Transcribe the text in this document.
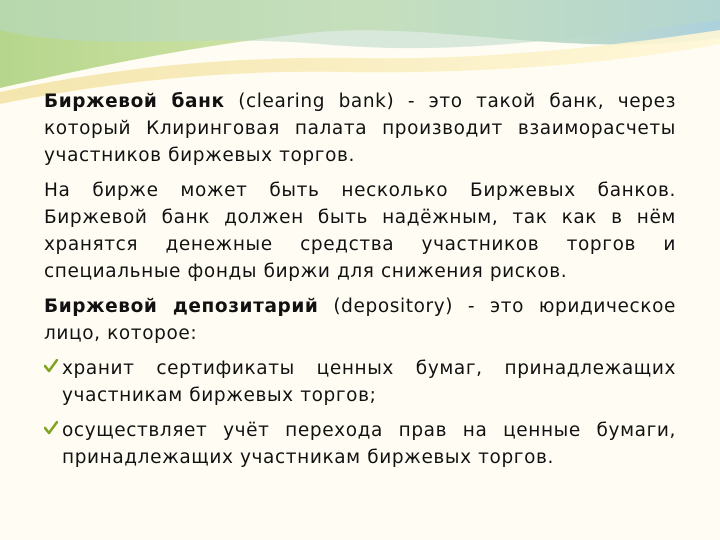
Биржевой банк (clearing bank) - это такой банк, через который Клиринговая палата производит взаиморасчеты участников биржевых торгов.

На бирже может быть несколько Биржевых банков. Биржевой банк должен быть надёжным, так как в нём хранятся денежные средства участников торгов и специальные фонды биржи для снижения рисков.

Биржевой депозитарий (depository) - это юридическое лицо, которое:

хранит сертификаты ценных бумаг, принадлежащих участникам биржевых торгов;
осуществляет учёт перехода прав на ценные бумаги, принадлежащих участникам биржевых торгов.
